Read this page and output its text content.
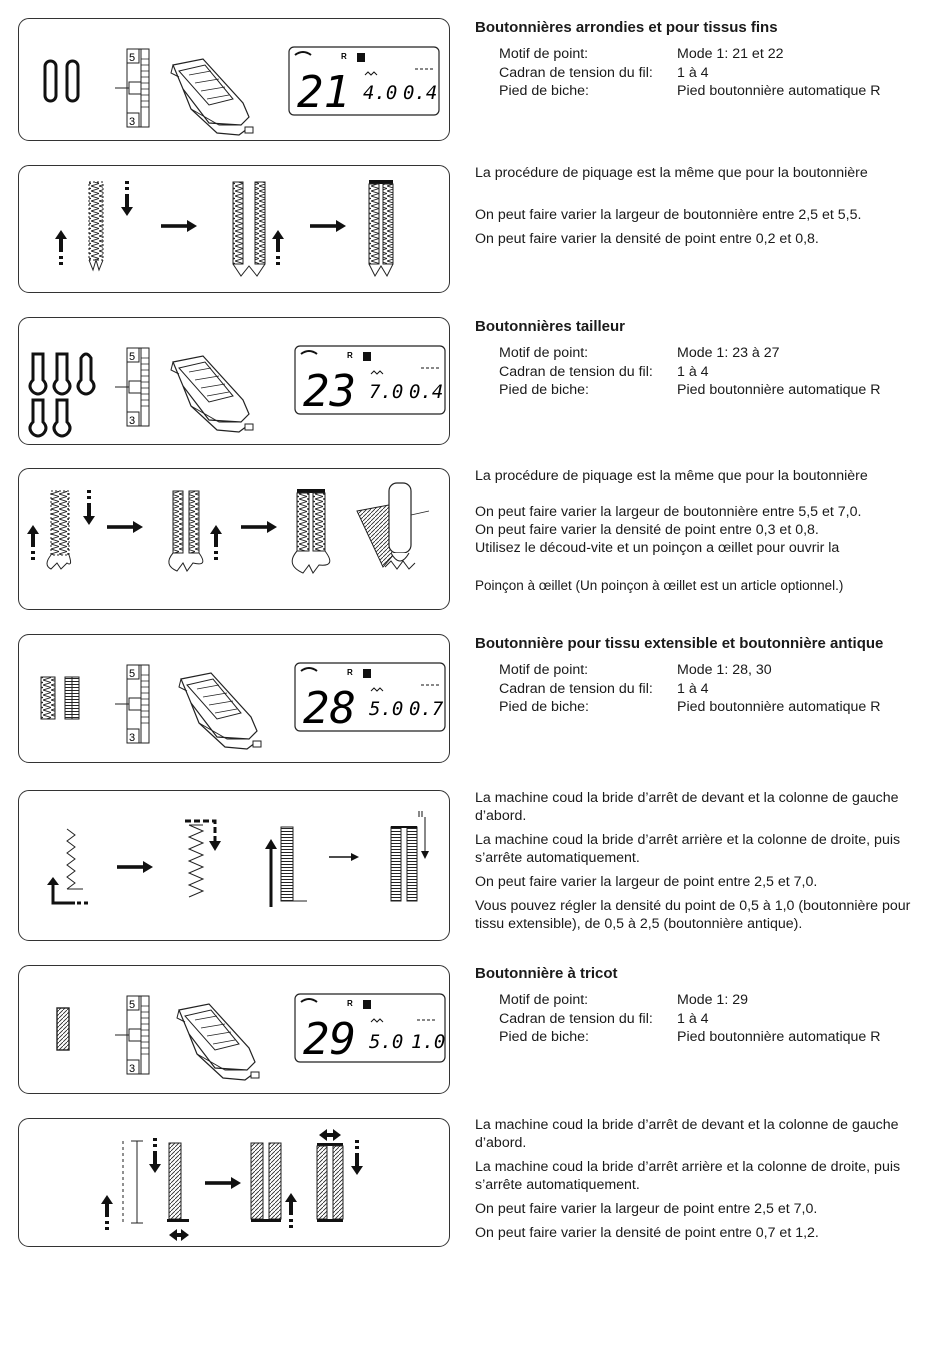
5
3
R
21 4.0 0.4
Boutonnières arrondies et pour tissus fins
Motif de point:	Mode 1: 21 et 22
Cadran de tension du fil:	1 à 4
Pied de biche:	Pied boutonnière automatique R

La procédure de piquage est la même que pour la boutonnière

On peut faire varier la largeur de boutonnière entre 2,5 et 5,5.

On peut faire varier la densité de point entre 0,2 et 0,8.

5
3
R
23 7.0 0.4
Boutonnières tailleur
Motif de point:	Mode 1: 23 à 27
Cadran de tension du fil:	1 à 4
Pied de biche:	Pied boutonnière automatique R

La procédure de piquage est la même que pour la boutonnière

On peut faire varier la largeur de boutonnière entre 5,5 et 7,0.

On peut faire varier la densité de point entre 0,3 et 0,8.

Utilisez le découd-vite et un poinçon a œillet pour ouvrir la

Poinçon à œillet (Un poinçon à œillet est un article optionnel.)

5
3
R
28 5.0 0.7
Boutonnière pour tissu extensible et boutonnière antique
Motif de point:	Mode 1: 28, 30
Cadran de tension du fil:	1 à 4
Pied de biche:	Pied boutonnière automatique R

La machine coud la bride d’arrêt de devant et la colonne de gauche d’abord.

La machine coud la bride d’arrêt arrière et la colonne de droite, puis s’arrête automatiquement.

On peut faire varier la largeur de point entre 2,5 et 7,0.

Vous pouvez régler la densité du point de 0,5 à 1,0 (boutonnière pour tissu extensible), de 0,5 à 2,5 (boutonnière antique).

5
3
R
29 5.0 1.0
Boutonnière à tricot
Motif de point:	Mode 1: 29
Cadran de tension du fil:	1 à 4
Pied de biche:	Pied boutonnière automatique R

La machine coud la bride d’arrêt de devant et la colonne de gauche d’abord.

La machine coud la bride d’arrêt arrière et la colonne de droite, puis s’arrête automatiquement.

On peut faire varier la largeur de point entre 2,5 et 7,0.

On peut faire varier la densité de point entre 0,7 et 1,2.
